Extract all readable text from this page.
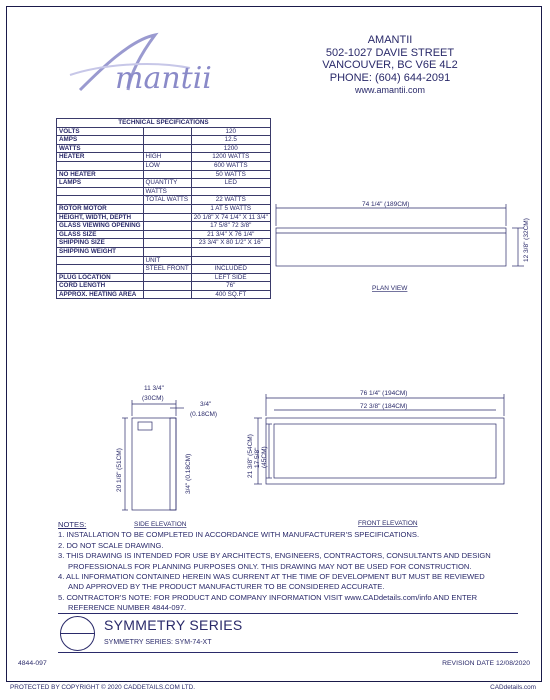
mantii
AMANTII
502-1027 DAVIE STREET
VANCOUVER, BC V6E 4L2
PHONE: (604) 644-2091
www.amantii.com
TECHNICAL SPECIFICATIONS		
VOLTS		120
AMPS		12.5
WATTS		1200
HEATER	HIGH	1200 WATTS
	LOW	600 WATTS
NO HEATER		50 WATTS
LAMPS	QUANTITY	LED
	WATTS	
	TOTAL WATTS	22 WATTS
ROTOR MOTOR		1 AT 5 WATTS
HEIGHT, WIDTH, DEPTH		20 1/8" X 74 1/4" X 11 3/4"
GLASS VIEWING OPENING		17 5/8" 72 3/8"
GLASS SIZE		21 3/4" X 76 1/4"
SHIPPING SIZE		23 3/4" X 80 1/2" X 16"
SHIPPING WEIGHT		
	UNIT	
	STEEL FRONT	INCLUDED
PLUG LOCATION		LEFT SIDE
CORD LENGTH		76"
APPROX. HEATING AREA		400 SQ.FT
74 1/4" (189CM)
12 3/8" (32CM)
PLAN VIEW
11 3/4"
(30CM)
3/4"
(0.18CM)
20 1/8" (51CM)	3/4" (0.18CM)
SIDE ELEVATION
76 1/4" (194CM)
72 3/8" (184CM)
21 3/8" (54CM) 17 5/8" (45CM)
FRONT ELEVATION
NOTES:
1. INSTALLATION TO BE COMPLETED IN ACCORDANCE WITH MANUFACTURER'S SPECIFICATIONS.
2. DO NOT SCALE DRAWING.
3. THIS DRAWING IS INTENDED FOR USE BY ARCHITECTS, ENGINEERS, CONTRACTORS, CONSULTANTS AND DESIGN PROFESSIONALS FOR PLANNING PURPOSES ONLY. THIS DRAWING MAY NOT BE USED FOR CONSTRUCTION.
4. ALL INFORMATION CONTAINED HEREIN WAS CURRENT AT THE TIME OF DEVELOPMENT BUT MUST BE REVIEWED AND APPROVED BY THE PRODUCT MANUFACTURER TO BE CONSIDERED ACCURATE.
5. CONTRACTOR'S NOTE: FOR PRODUCT AND COMPANY INFORMATION VISIT www.CADdetails.com/info AND ENTER REFERENCE NUMBER 4844-097.
SYMMETRY SERIES
SYMMETRY SERIES: SYM-74-XT
4844-097	REVISION DATE 12/08/2020
PROTECTED BY COPYRIGHT © 2020 CADDETAILS.COM LTD.	CADdetails.com
